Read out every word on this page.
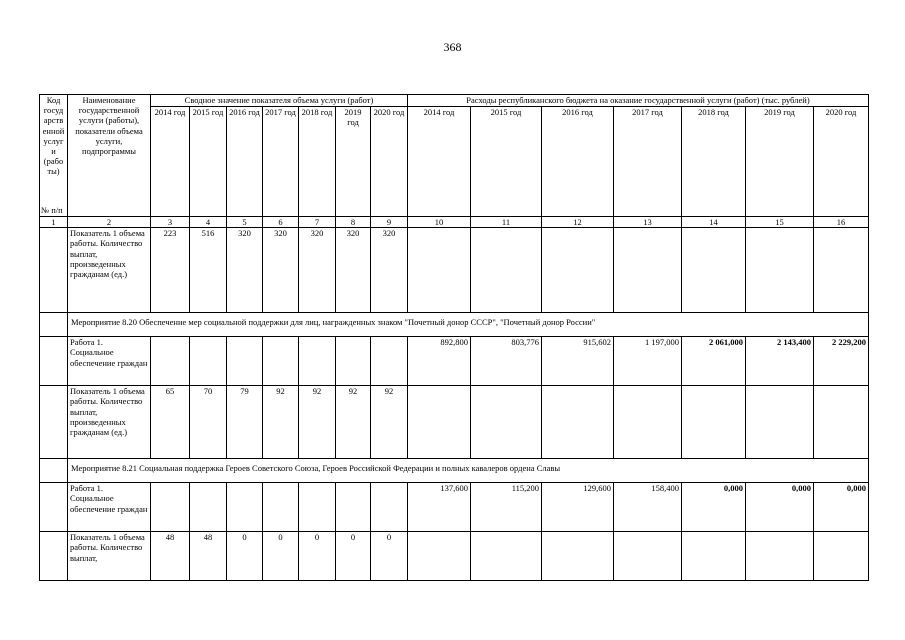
368
Код госуд арств енной услуг и (рабо ты)
№ п/п	Наименование государственной услуги (работы), показатели объема услуги, подпрограммы	Сводное значение показателя объема услуги (работ)							Расходы республиканского бюджета на оказание государственной услуги (работ) (тыс. рублей)						
		2014 год	2015 год	2016 год	2017 год	2018 год	2019 год	2020 год	2014 год	2015 год	2016 год	2017 год	2018 год	2019 год	2020 год
1	2	3	4	5	6	7	8	9	10	11	12	13	14	15	16
	Показатель 1 объема работы. Количество выплат, произведенных гражданам (ед.)	223	516	320	320	320	320	320							
	Мероприятие 8.20 Обеспечение мер социальной поддержки для лиц, награжденных знаком "Почетный донор СССР", "Почетный донор России"														
	Работа 1. Социальное обеспечение граждан								892,800	803,776	915,602	1 197,000	2 061,000	2 143,400	2 229,200
	Показатель 1 объема работы. Количество выплат, произведенных гражданам (ед.)	65	70	79	92	92	92	92							
	Мероприятие 8.21 Социальная поддержка Героев Советского Союза, Героев Российской Федерации и полных кавалеров ордена Славы														
	Работа 1. Социальное обеспечение граждан								137,600	115,200	129,600	158,400	0,000	0,000	0,000
	Показатель 1 объема работы. Количество выплат,	48	48	0	0	0	0	0							
